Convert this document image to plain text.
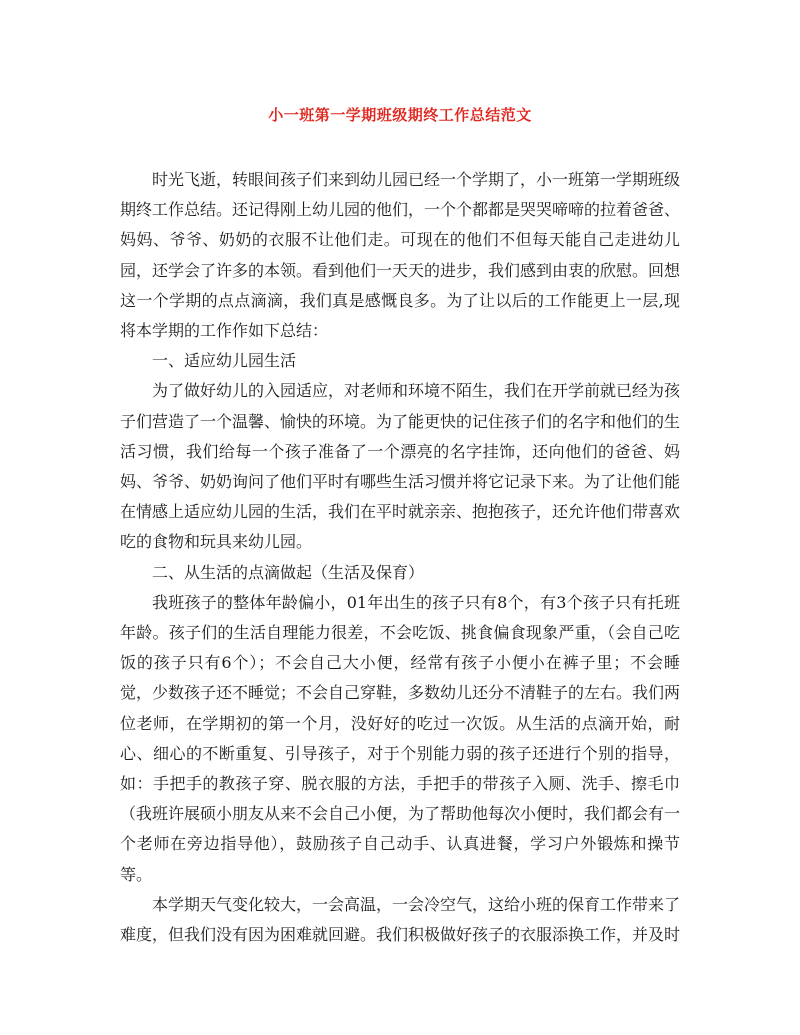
小一班第一学期班级期终工作总结范文

时光飞逝，转眼间孩子们来到幼儿园已经一个学期了，小一班第一学期班级期终工作总结。还记得刚上幼儿园的他们，一个个都都是哭哭啼啼的拉着爸爸、妈妈、爷爷、奶奶的衣服不让他们走。可现在的他们不但每天能自己走进幼儿园，还学会了许多的本领。看到他们一天天的进步，我们感到由衷的欣慰。回想这一个学期的点点滴滴，我们真是感慨良多。为了让以后的工作能更上一层,现将本学期的工作作如下总结：

一、适应幼儿园生活

为了做好幼儿的入园适应，对老师和环境不陌生，我们在开学前就已经为孩子们营造了一个温馨、愉快的环境。为了能更快的记住孩子们的名字和他们的生活习惯，我们给每一个孩子准备了一个漂亮的名字挂饰，还向他们的爸爸、妈妈、爷爷、奶奶询问了他们平时有哪些生活习惯并将它记录下来。为了让他们能在情感上适应幼儿园的生活，我们在平时就亲亲、抱抱孩子，还允许他们带喜欢吃的食物和玩具来幼儿园。

二、从生活的点滴做起（生活及保育）

我班孩子的整体年龄偏小，01年出生的孩子只有8个，有3个孩子只有托班年龄。孩子们的生活自理能力很差，不会吃饭、挑食偏食现象严重，（会自己吃饭的孩子只有6个）；不会自己大小便，经常有孩子小便小在裤子里；不会睡觉，少数孩子还不睡觉；不会自己穿鞋，多数幼儿还分不清鞋子的左右。我们两位老师，在学期初的第一个月，没好好的吃过一次饭。从生活的点滴开始，耐心、细心的不断重复、引导孩子，对于个别能力弱的孩子还进行个别的指导，如：手把手的教孩子穿、脱衣服的方法，手把手的带孩子入厕、洗手、擦毛巾（我班许展硕小朋友从来不会自己小便，为了帮助他每次小便时，我们都会有一个老师在旁边指导他），鼓励孩子自己动手、认真进餐，学习户外锻炼和操节等。

本学期天气变化较大，一会高温，一会冷空气，这给小班的保育工作带来了难度，但我们没有因为困难就回避。我们积极做好孩子的衣服添换工作，并及时
